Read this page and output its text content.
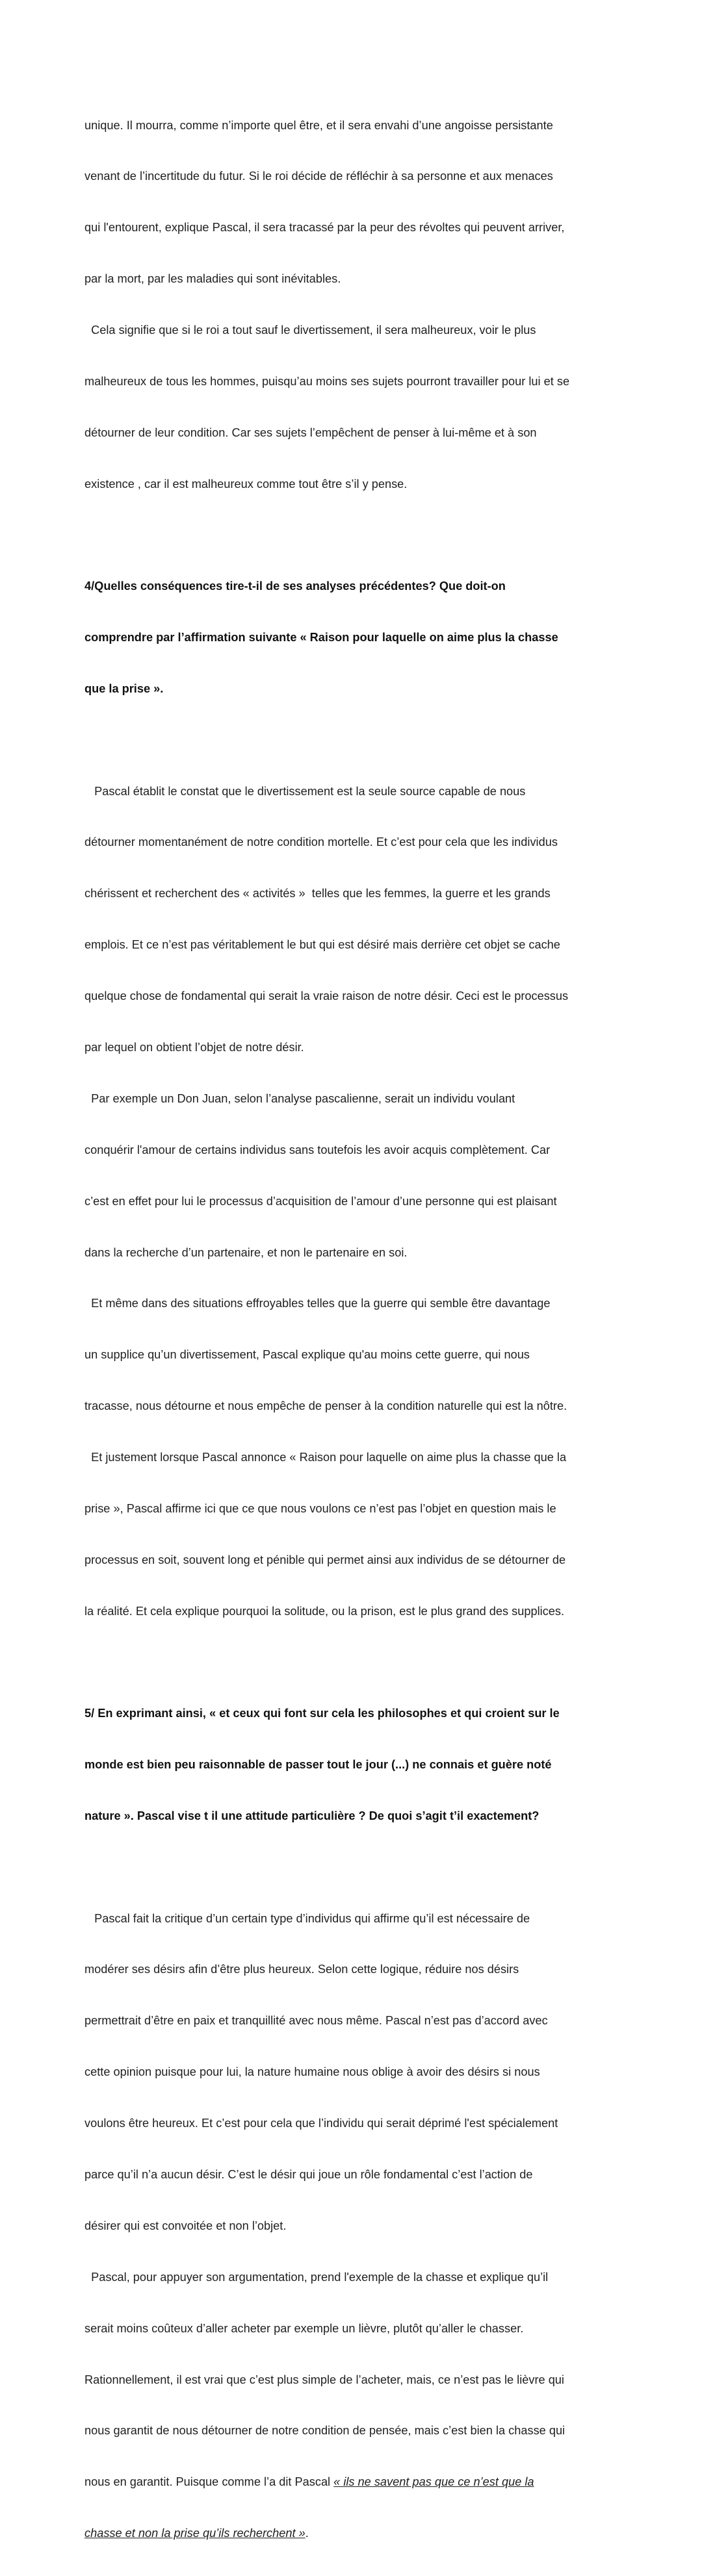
unique. Il mourra, comme n’importe quel être, et il sera envahi d’une angoisse persistante

venant de l’incertitude du futur. Si le roi décide de réfléchir à sa personne et aux menaces

qui l'entourent, explique Pascal, il sera tracassé par la peur des révoltes qui peuvent arriver,

par la mort, par les maladies qui sont inévitables.

Cela signifie que si le roi a tout sauf le divertissement, il sera malheureux, voir le plus

malheureux de tous les hommes, puisqu’au moins ses sujets pourront travailler pour lui et se

détourner de leur condition. Car ses sujets l’empêchent de penser à lui-même et à son

existence , car il est malheureux comme tout être s’il y pense.

4/Quelles conséquences tire-t-il de ses analyses précédentes? Que doit-on

comprendre par l’affirmation suivante « Raison pour laquelle on aime plus la chasse

que la prise ».

Pascal établit le constat que le divertissement est la seule source capable de nous

détourner momentanément de notre condition mortelle. Et c’est pour cela que les individus

chérissent et recherchent des « activités »  telles que les femmes, la guerre et les grands

emplois. Et ce n’est pas véritablement le but qui est désiré mais derrière cet objet se cache

quelque chose de fondamental qui serait la vraie raison de notre désir. Ceci est le processus

par lequel on obtient l’objet de notre désir.

Par exemple un Don Juan, selon l’analyse pascalienne, serait un individu voulant

conquérir l'amour de certains individus sans toutefois les avoir acquis complètement. Car

c’est en effet pour lui le processus d’acquisition de l’amour d’une personne qui est plaisant

dans la recherche d’un partenaire, et non le partenaire en soi.

Et même dans des situations effroyables telles que la guerre qui semble être davantage

un supplice qu’un divertissement, Pascal explique qu'au moins cette guerre, qui nous

tracasse, nous détourne et nous empêche de penser à la condition naturelle qui est la nôtre.

Et justement lorsque Pascal annonce « Raison pour laquelle on aime plus la chasse que la

prise », Pascal affirme ici que ce que nous voulons ce n’est pas l’objet en question mais le

processus en soit, souvent long et pénible qui permet ainsi aux individus de se détourner de

la réalité. Et cela explique pourquoi la solitude, ou la prison, est le plus grand des supplices.

5/ En exprimant ainsi, « et ceux qui font sur cela les philosophes et qui croient sur le

monde est bien peu raisonnable de passer tout le jour (...) ne connais et guère noté

nature ». Pascal vise t il une attitude particulière ? De quoi s’agit t’il exactement?

Pascal fait la critique d’un certain type d’individus qui affirme qu’il est nécessaire de

modérer ses désirs afin d’être plus heureux. Selon cette logique, réduire nos désirs

permettrait d’être en paix et tranquillité avec nous même. Pascal n’est pas d’accord avec

cette opinion puisque pour lui, la nature humaine nous oblige à avoir des désirs si nous

voulons être heureux. Et c’est pour cela que l’individu qui serait déprimé l'est spécialement

parce qu’il n’a aucun désir. C’est le désir qui joue un rôle fondamental c’est l’action de

désirer qui est convoitée et non l’objet.

Pascal, pour appuyer son argumentation, prend l'exemple de la chasse et explique qu’il

serait moins coûteux d’aller acheter par exemple un lièvre, plutôt qu’aller le chasser.

Rationnellement, il est vrai que c’est plus simple de l’acheter, mais, ce n’est pas le lièvre qui

nous garantit de nous détourner de notre condition de pensée, mais c’est bien la chasse qui

nous en garantit. Puisque comme l’a dit Pascal « ils ne savent pas que ce n’est que la

chasse et non la prise qu’ils recherchent ».
